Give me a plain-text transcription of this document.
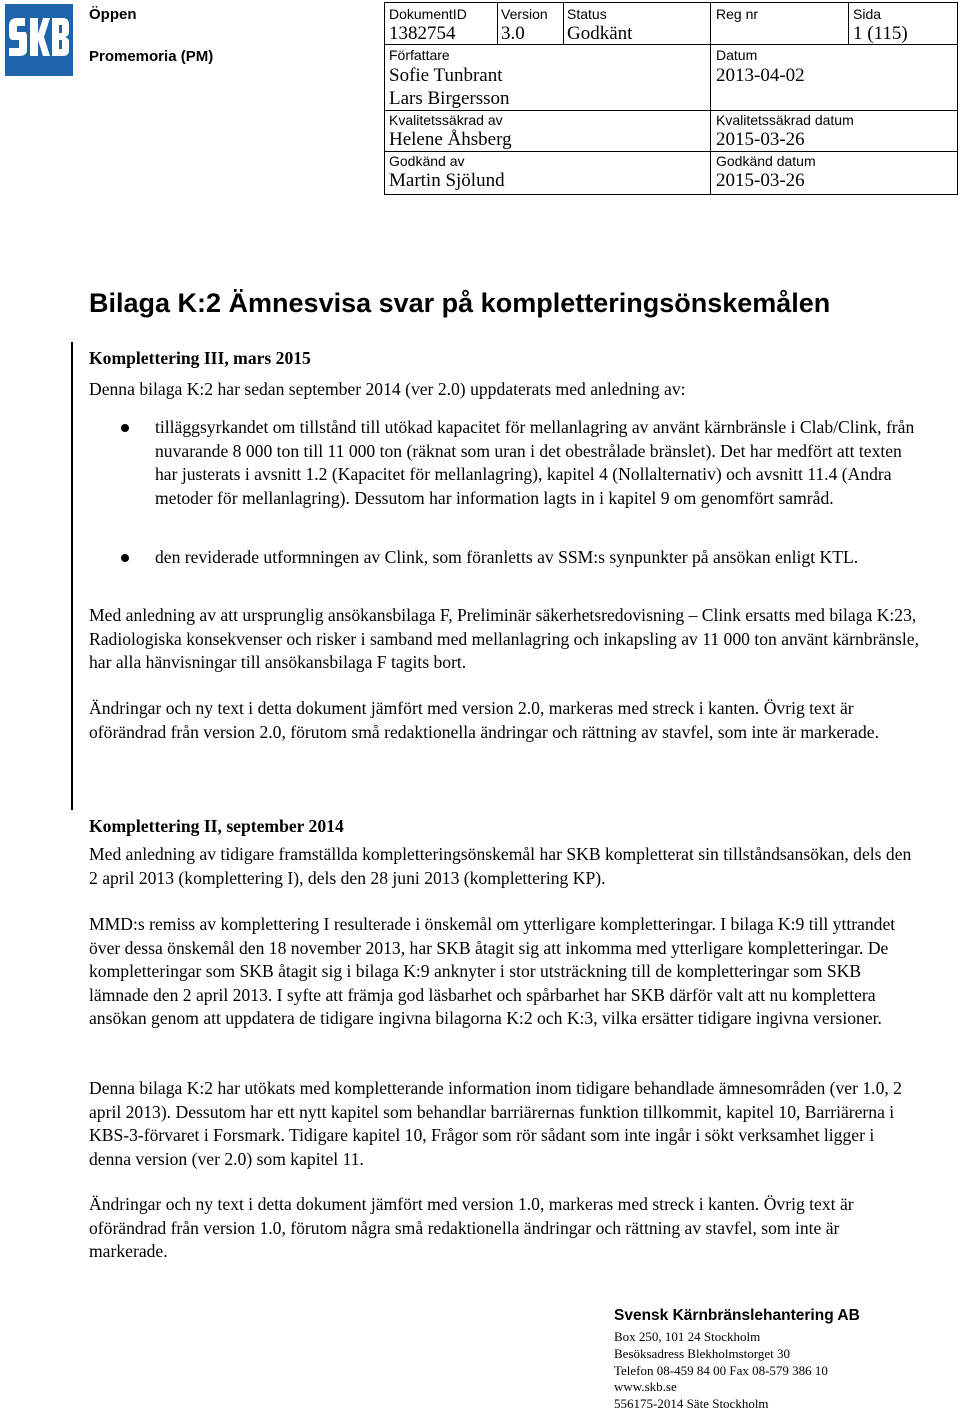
Öppen
Promemoria (PM)
DokumentID
1382754
Version
3.0
Status
Godkänt
Reg nr	Sida
1 (115)
Författare
Sofie Tunbrant
Lars Birgersson
Datum
2013-04-02
Kvalitetssäkrad av
Helene Åhsberg
Kvalitetssäkrad datum
2015-03-26
Godkänd av
Martin Sjölund
Godkänd datum
2015-03-26
Bilaga K:2 Ämnesvisa svar på kompletteringsönskemålen
Komplettering III, mars 2015
Denna bilaga K:2 har sedan september 2014 (ver 2.0) uppdaterats med anledning av:
tilläggsyrkandet om tillstånd till utökad kapacitet för mellanlagring av använt kärnbränsle i Clab/Clink, från nuvarande 8 000 ton till 11 000 ton (räknat som uran i det obestrålade bränslet). Det har medfört att texten har justerats i avsnitt 1.2 (Kapacitet för mellanlagring), kapitel 4 (Nollalternativ) och avsnitt 11.4 (Andra metoder för mellanlagring). Dessutom har information lagts in i kapitel 9 om genomfört samråd.
den reviderade utformningen av Clink, som föranletts av SSM:s synpunkter på ansökan enligt KTL.
Med anledning av att ursprunglig ansökansbilaga F, Preliminär säkerhetsredovisning – Clink ersatts med bilaga K:23, Radiologiska konsekvenser och risker i samband med mellanlagring och inkapsling av 11 000 ton använt kärnbränsle, har alla hänvisningar till ansökansbilaga F tagits bort.
Ändringar och ny text i detta dokument jämfört med version 2.0, markeras med streck i kanten. Övrig text är oförändrad från version 2.0, förutom små redaktionella ändringar och rättning av stavfel, som inte är markerade.
Komplettering II, september 2014
Med anledning av tidigare framställda kompletteringsönskemål har SKB kompletterat sin tillståndsansökan, dels den 2 april 2013 (komplettering I), dels den 28 juni 2013 (komplettering KP).
MMD:s remiss av komplettering I resulterade i önskemål om ytterligare kompletteringar. I bilaga K:9 till yttrandet över dessa önskemål den 18 november 2013, har SKB åtagit sig att inkomma med ytterligare kompletteringar. De kompletteringar som SKB åtagit sig i bilaga K:9 anknyter i stor utsträckning till de kompletteringar som SKB lämnade den 2 april 2013. I syfte att främja god läsbarhet och spårbarhet har SKB därför valt att nu komplettera ansökan genom att uppdatera de tidigare ingivna bilagorna K:2 och K:3, vilka ersätter tidigare ingivna versioner.
Denna bilaga K:2 har utökats med kompletterande information inom tidigare behandlade ämnesområden (ver 1.0, 2 april 2013). Dessutom har ett nytt kapitel som behandlar barriärernas funktion tillkommit, kapitel 10, Barriärerna i KBS-3-förvaret i Forsmark. Tidigare kapitel 10, Frågor som rör sådant som inte ingår i sökt verksamhet ligger i denna version (ver 2.0) som kapitel 11.
Ändringar och ny text i detta dokument jämfört med version 1.0, markeras med streck i kanten. Övrig text är oförändrad från version 1.0, förutom några små redaktionella ändringar och rättning av stavfel, som inte är markerade.
Svensk Kärnbränslehantering AB
Box 250, 101 24 Stockholm
Besöksadress Blekholmstorget 30
Telefon 08-459 84 00 Fax 08-579 386 10
www.skb.se
556175-2014 Säte Stockholm
